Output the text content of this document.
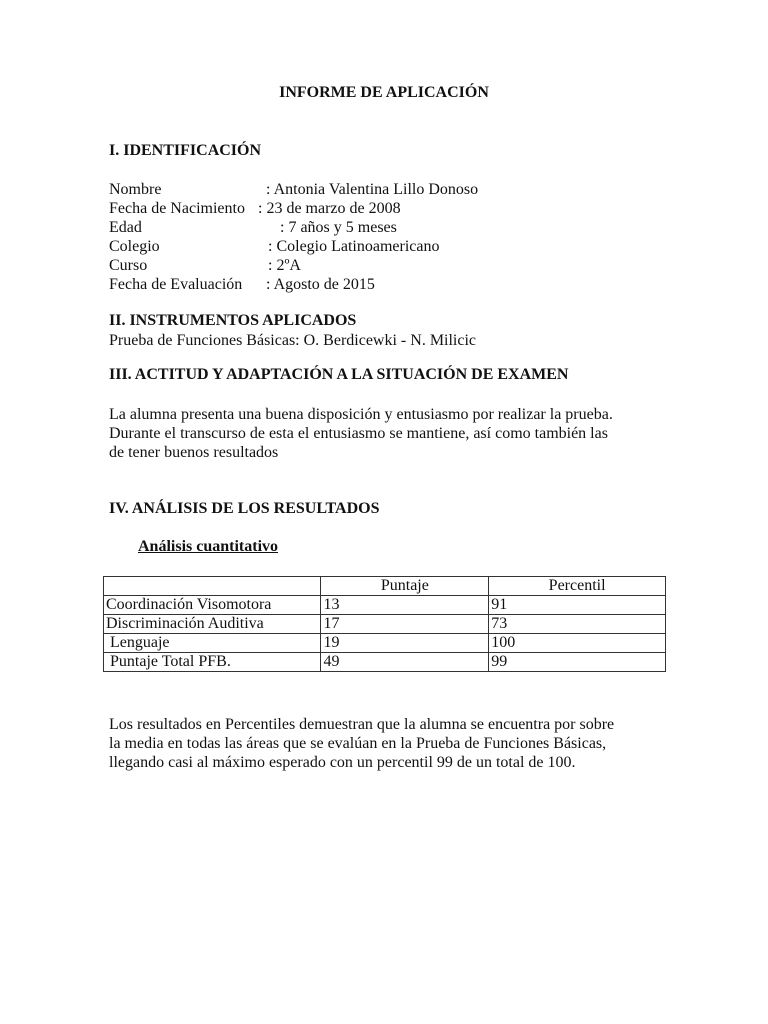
INFORME DE APLICACIÓN
I. IDENTIFICACIÓN
Nombre	: Antonia Valentina Lillo Donoso
Fecha de Nacimiento : 23 de marzo de 2008
Edad	: 7 años y 5 meses
Colegio	: Colegio Latinoamericano
Curso	: 2ºA
Fecha de Evaluación : Agosto de 2015
II. INSTRUMENTOS APLICADOS
Prueba de Funciones Básicas: O. Berdicewki - N. Milicic
III. ACTITUD Y ADAPTACIÓN A LA SITUACIÓN DE EXAMEN
La alumna presenta una buena disposición y entusiasmo por realizar la prueba.
Durante el transcurso de esta el entusiasmo se mantiene, así como también las
de tener buenos resultados
IV. ANÁLISIS DE LOS RESULTADOS
Análisis cuantitativo
	Puntaje	Percentil
Coordinación Visomotora	13	91
Discriminación Auditiva	17	73
Lenguaje	19	100
Puntaje Total PFB.	49	99
Los resultados en Percentiles demuestran que la alumna se encuentra por sobre
la media en todas las áreas que se evalúan en la Prueba de Funciones Básicas,
llegando casi al máximo esperado con un percentil 99 de un total de 100.
